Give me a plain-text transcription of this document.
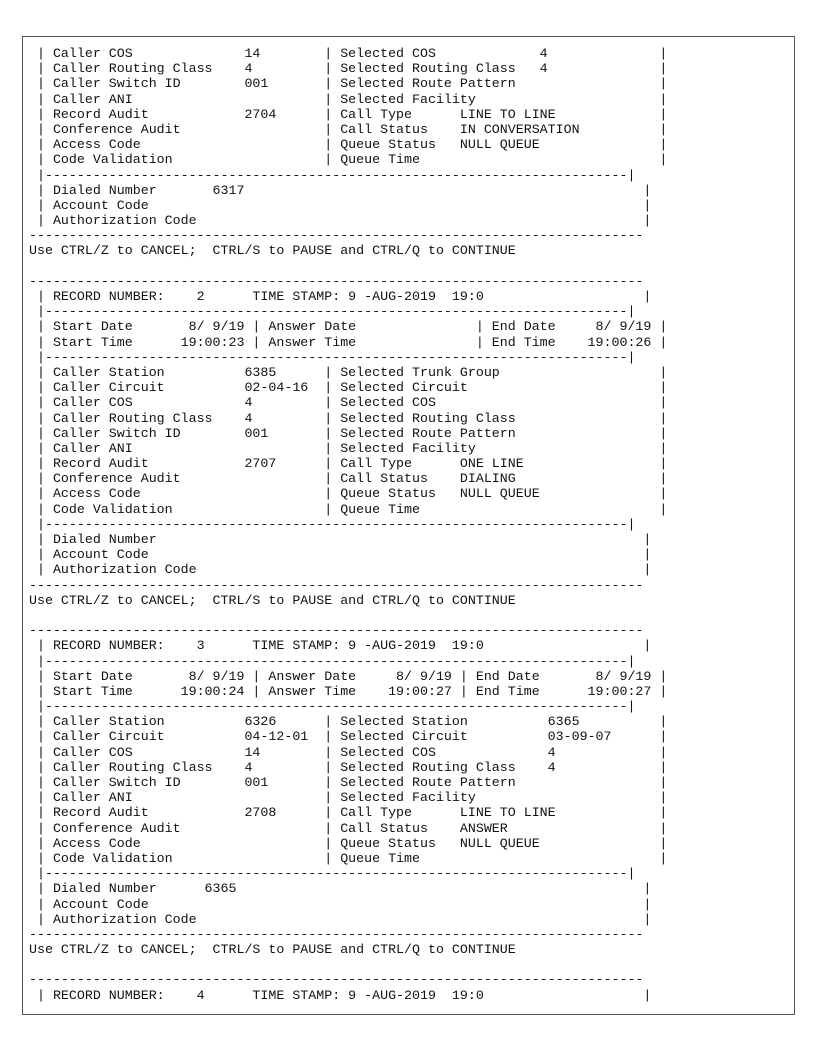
| Caller COS              14        | Selected COS             4              |
| Caller Routing Class    4         | Selected Routing Class   4              |
| Caller Switch ID        001       | Selected Route Pattern                  |
| Caller ANI                        | Selected Facility                       |
| Record Audit            2704      | Call Type      LINE TO LINE             |
| Conference Audit                  | Call Status    IN CONVERSATION          |
| Access Code                       | Queue Status   NULL QUEUE               |
| Code Validation                   | Queue Time                              |
|-------------------------------------------------------------------------|
| Dialed Number       6317                                                  |
| Account Code                                                              |
| Authorization Code                                                        |
-----------------------------------------------------------------------------
Use CTRL/Z to CANCEL;  CTRL/S to PAUSE and CTRL/Q to CONTINUE
-----------------------------------------------------------------------------
| RECORD NUMBER:    2      TIME STAMP: 9 -AUG-2019  19:0                    |
|-------------------------------------------------------------------------|
| Start Date       8/ 9/19 | Answer Date               | End Date     8/ 9/19 |
| Start Time      19:00:23 | Answer Time               | End Time    19:00:26 |
|-------------------------------------------------------------------------|
| Caller Station          6385      | Selected Trunk Group                    |
| Caller Circuit          02-04-16  | Selected Circuit                        |
| Caller COS              4         | Selected COS                            |
| Caller Routing Class    4         | Selected Routing Class                  |
| Caller Switch ID        001       | Selected Route Pattern                  |
| Caller ANI                        | Selected Facility                       |
| Record Audit            2707      | Call Type      ONE LINE                 |
| Conference Audit                  | Call Status    DIALING                  |
| Access Code                       | Queue Status   NULL QUEUE               |
| Code Validation                   | Queue Time                              |
|-------------------------------------------------------------------------|
| Dialed Number                                                             |
| Account Code                                                              |
| Authorization Code                                                        |
-----------------------------------------------------------------------------
Use CTRL/Z to CANCEL;  CTRL/S to PAUSE and CTRL/Q to CONTINUE
-----------------------------------------------------------------------------
| RECORD NUMBER:    3      TIME STAMP: 9 -AUG-2019  19:0                    |
|-------------------------------------------------------------------------|
| Start Date       8/ 9/19 | Answer Date     8/ 9/19 | End Date       8/ 9/19 |
| Start Time      19:00:24 | Answer Time    19:00:27 | End Time      19:00:27 |
|-------------------------------------------------------------------------|
| Caller Station          6326      | Selected Station          6365          |
| Caller Circuit          04-12-01  | Selected Circuit          03-09-07      |
| Caller COS              14        | Selected COS              4             |
| Caller Routing Class    4         | Selected Routing Class    4             |
| Caller Switch ID        001       | Selected Route Pattern                  |
| Caller ANI                        | Selected Facility                       |
| Record Audit            2708      | Call Type      LINE TO LINE             |
| Conference Audit                  | Call Status    ANSWER                   |
| Access Code                       | Queue Status   NULL QUEUE               |
| Code Validation                   | Queue Time                              |
|-------------------------------------------------------------------------|
| Dialed Number      6365                                                   |
| Account Code                                                              |
| Authorization Code                                                        |
-----------------------------------------------------------------------------
Use CTRL/Z to CANCEL;  CTRL/S to PAUSE and CTRL/Q to CONTINUE
-----------------------------------------------------------------------------
| RECORD NUMBER:    4      TIME STAMP: 9 -AUG-2019  19:0                    |
